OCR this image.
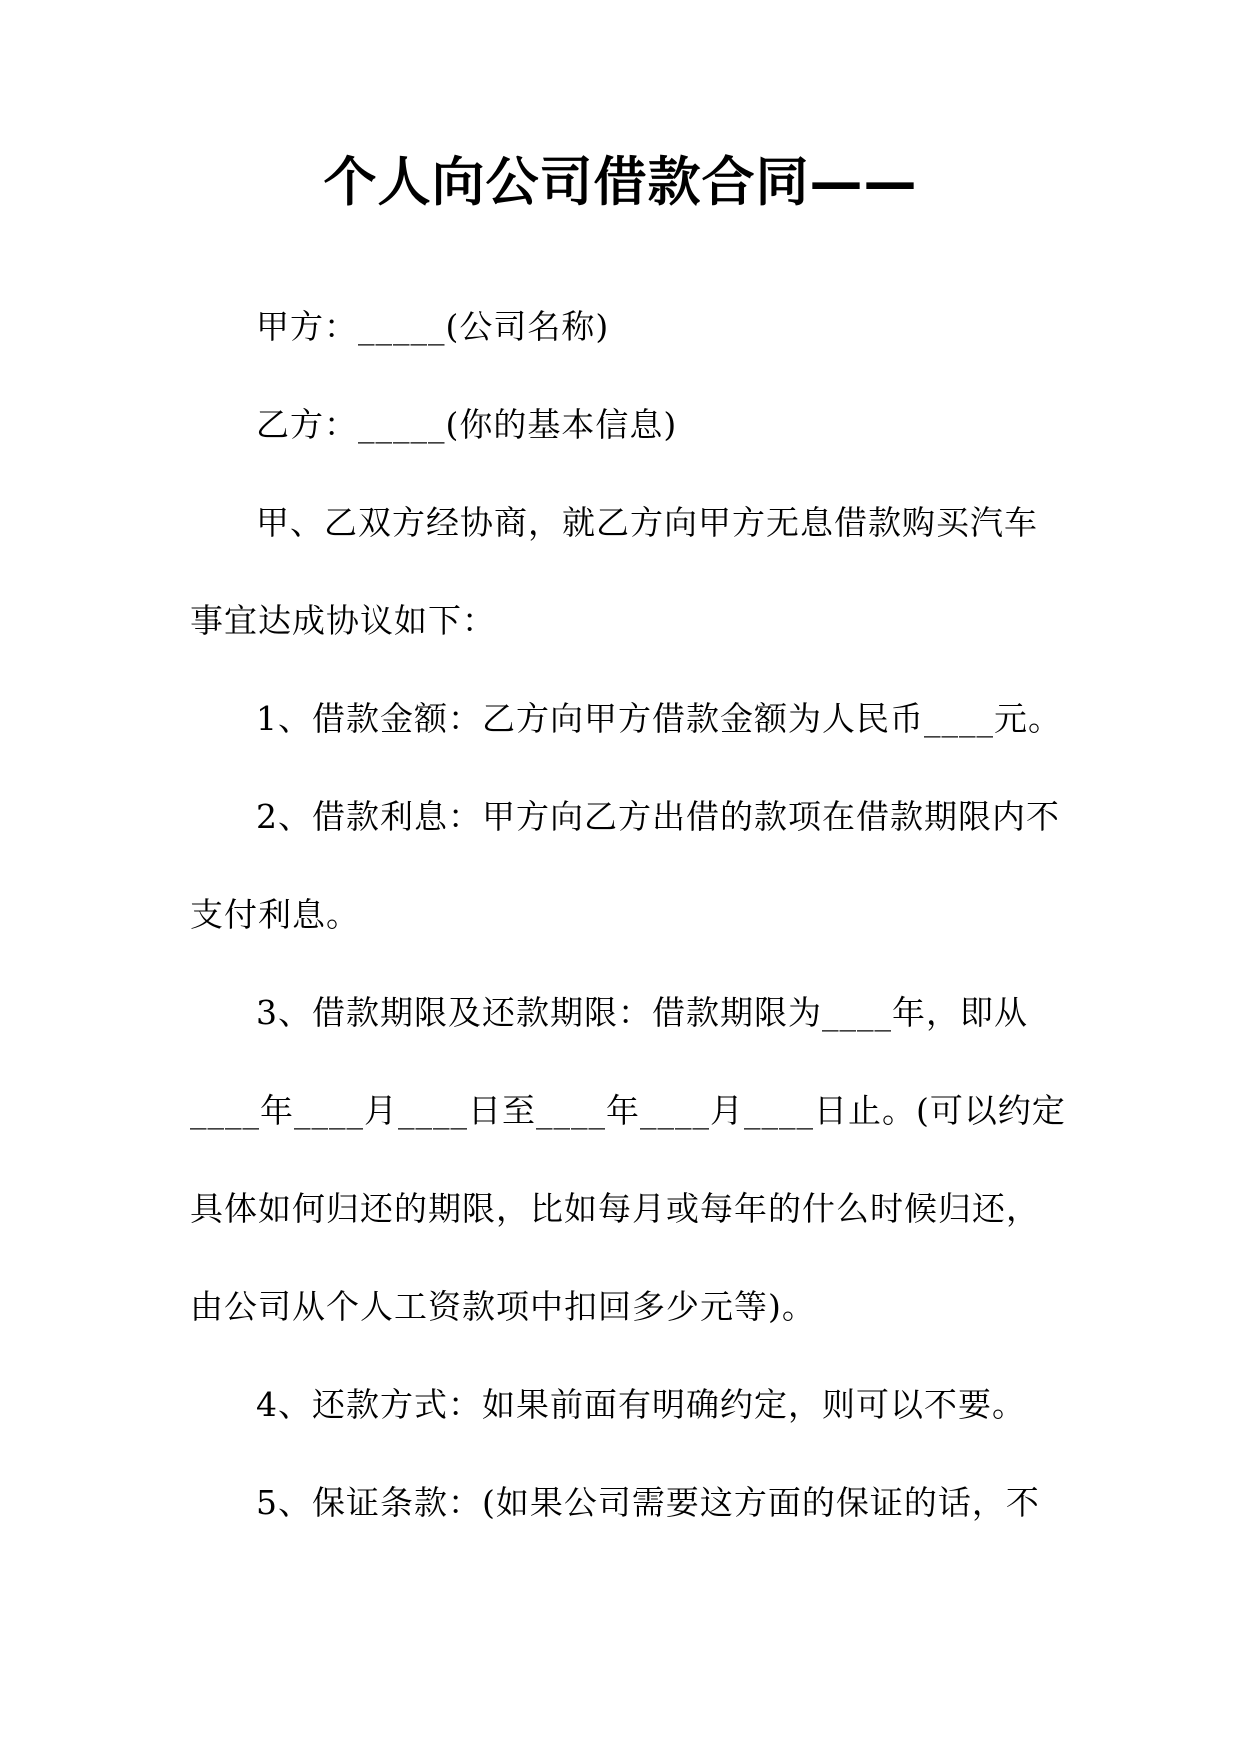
个人向公司借款合同——
甲方：_____(公司名称)
乙方：_____(你的基本信息)
甲、乙双方经协商，就乙方向甲方无息借款购买汽车
事宜达成协议如下：
1、借款金额：乙方向甲方借款金额为人民币____元。
2、借款利息：甲方向乙方出借的款项在借款期限内不
支付利息。
3、借款期限及还款期限：借款期限为____年，即从
____年____月____日至____年____月____日止。(可以约定
具体如何归还的期限，比如每月或每年的什么时候归还，
由公司从个人工资款项中扣回多少元等)。
4、还款方式：如果前面有明确约定，则可以不要。
5、保证条款：(如果公司需要这方面的保证的话，不
